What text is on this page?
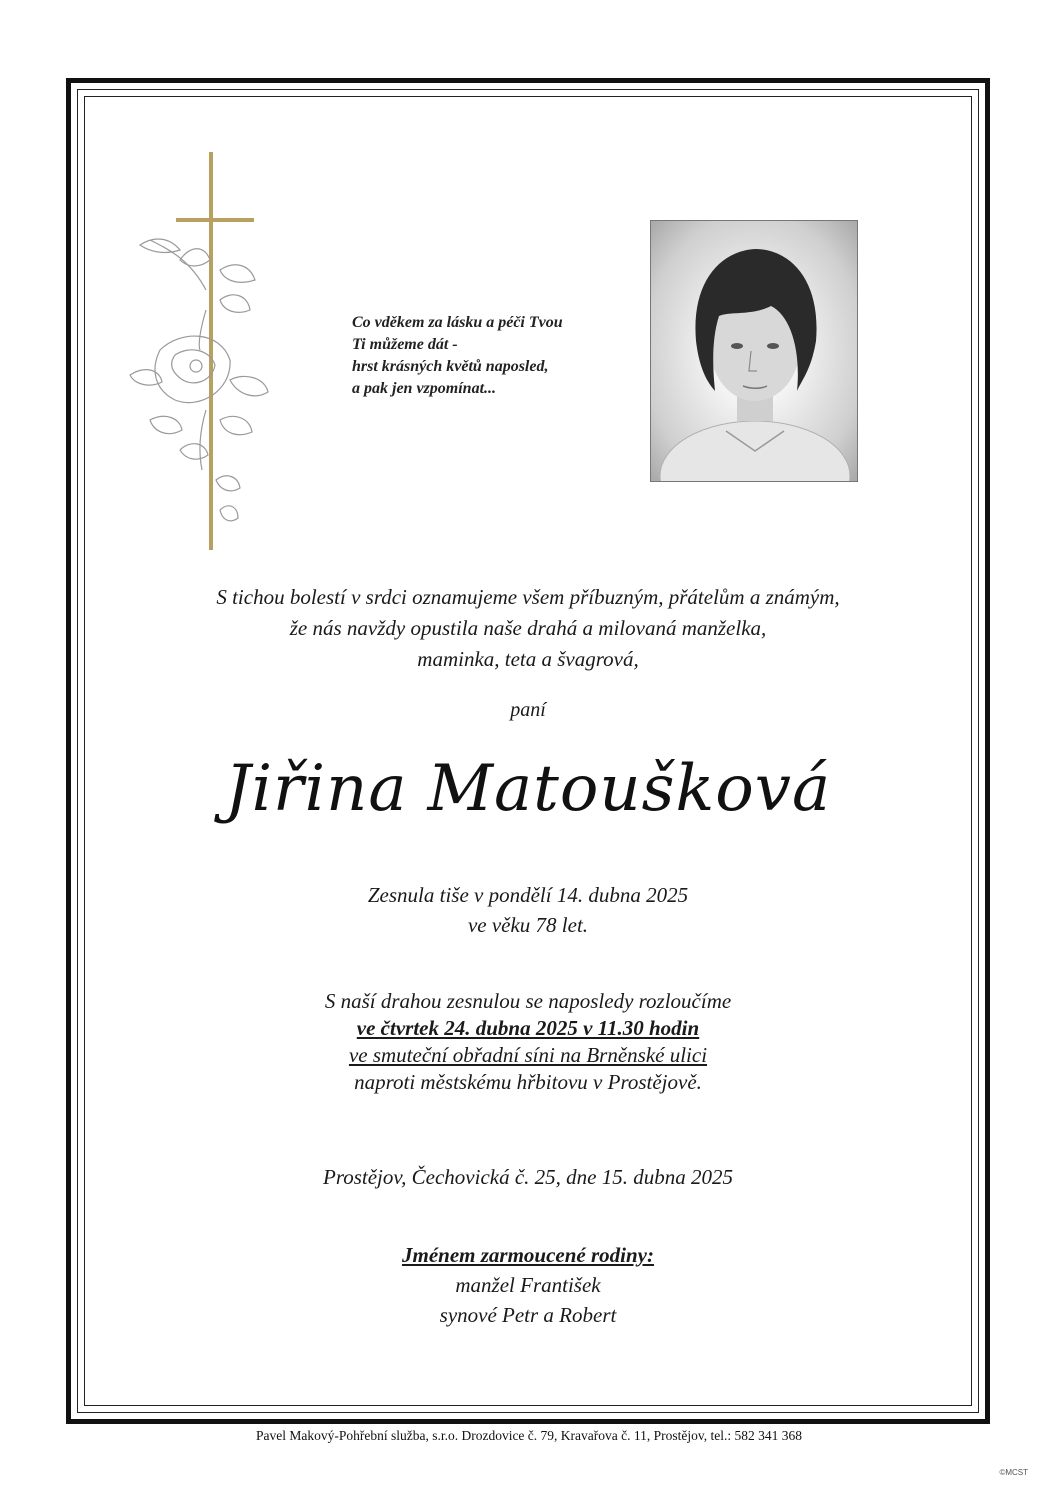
Co vděkem za lásku a péči Tvou
Ti můžeme dát -
hrst krásných květů naposled,
a pak jen vzpomínat...
S tichou bolestí v srdci oznamujeme všem příbuzným, přátelům a známým,
že nás navždy opustila naše drahá a milovaná manželka,
maminka, teta a švagrová,
paní
Jiřina Matoušková
Zesnula tiše v pondělí 14. dubna 2025
ve věku 78 let.
S naší drahou zesnulou se naposledy rozloučíme
ve čtvrtek 24. dubna 2025 v 11.30 hodin
ve smuteční obřadní síni na Brněnské ulici
naproti městskému hřbitovu v Prostějově.
Prostějov, Čechovická č. 25, dne 15. dubna 2025
Jménem zarmoucené rodiny:
manžel František
synové Petr a Robert
Pavel Makový-Pohřební služba, s.r.o. Drozdovice č. 79, Kravařova č. 11, Prostějov, tel.: 582 341 368
©MCST
